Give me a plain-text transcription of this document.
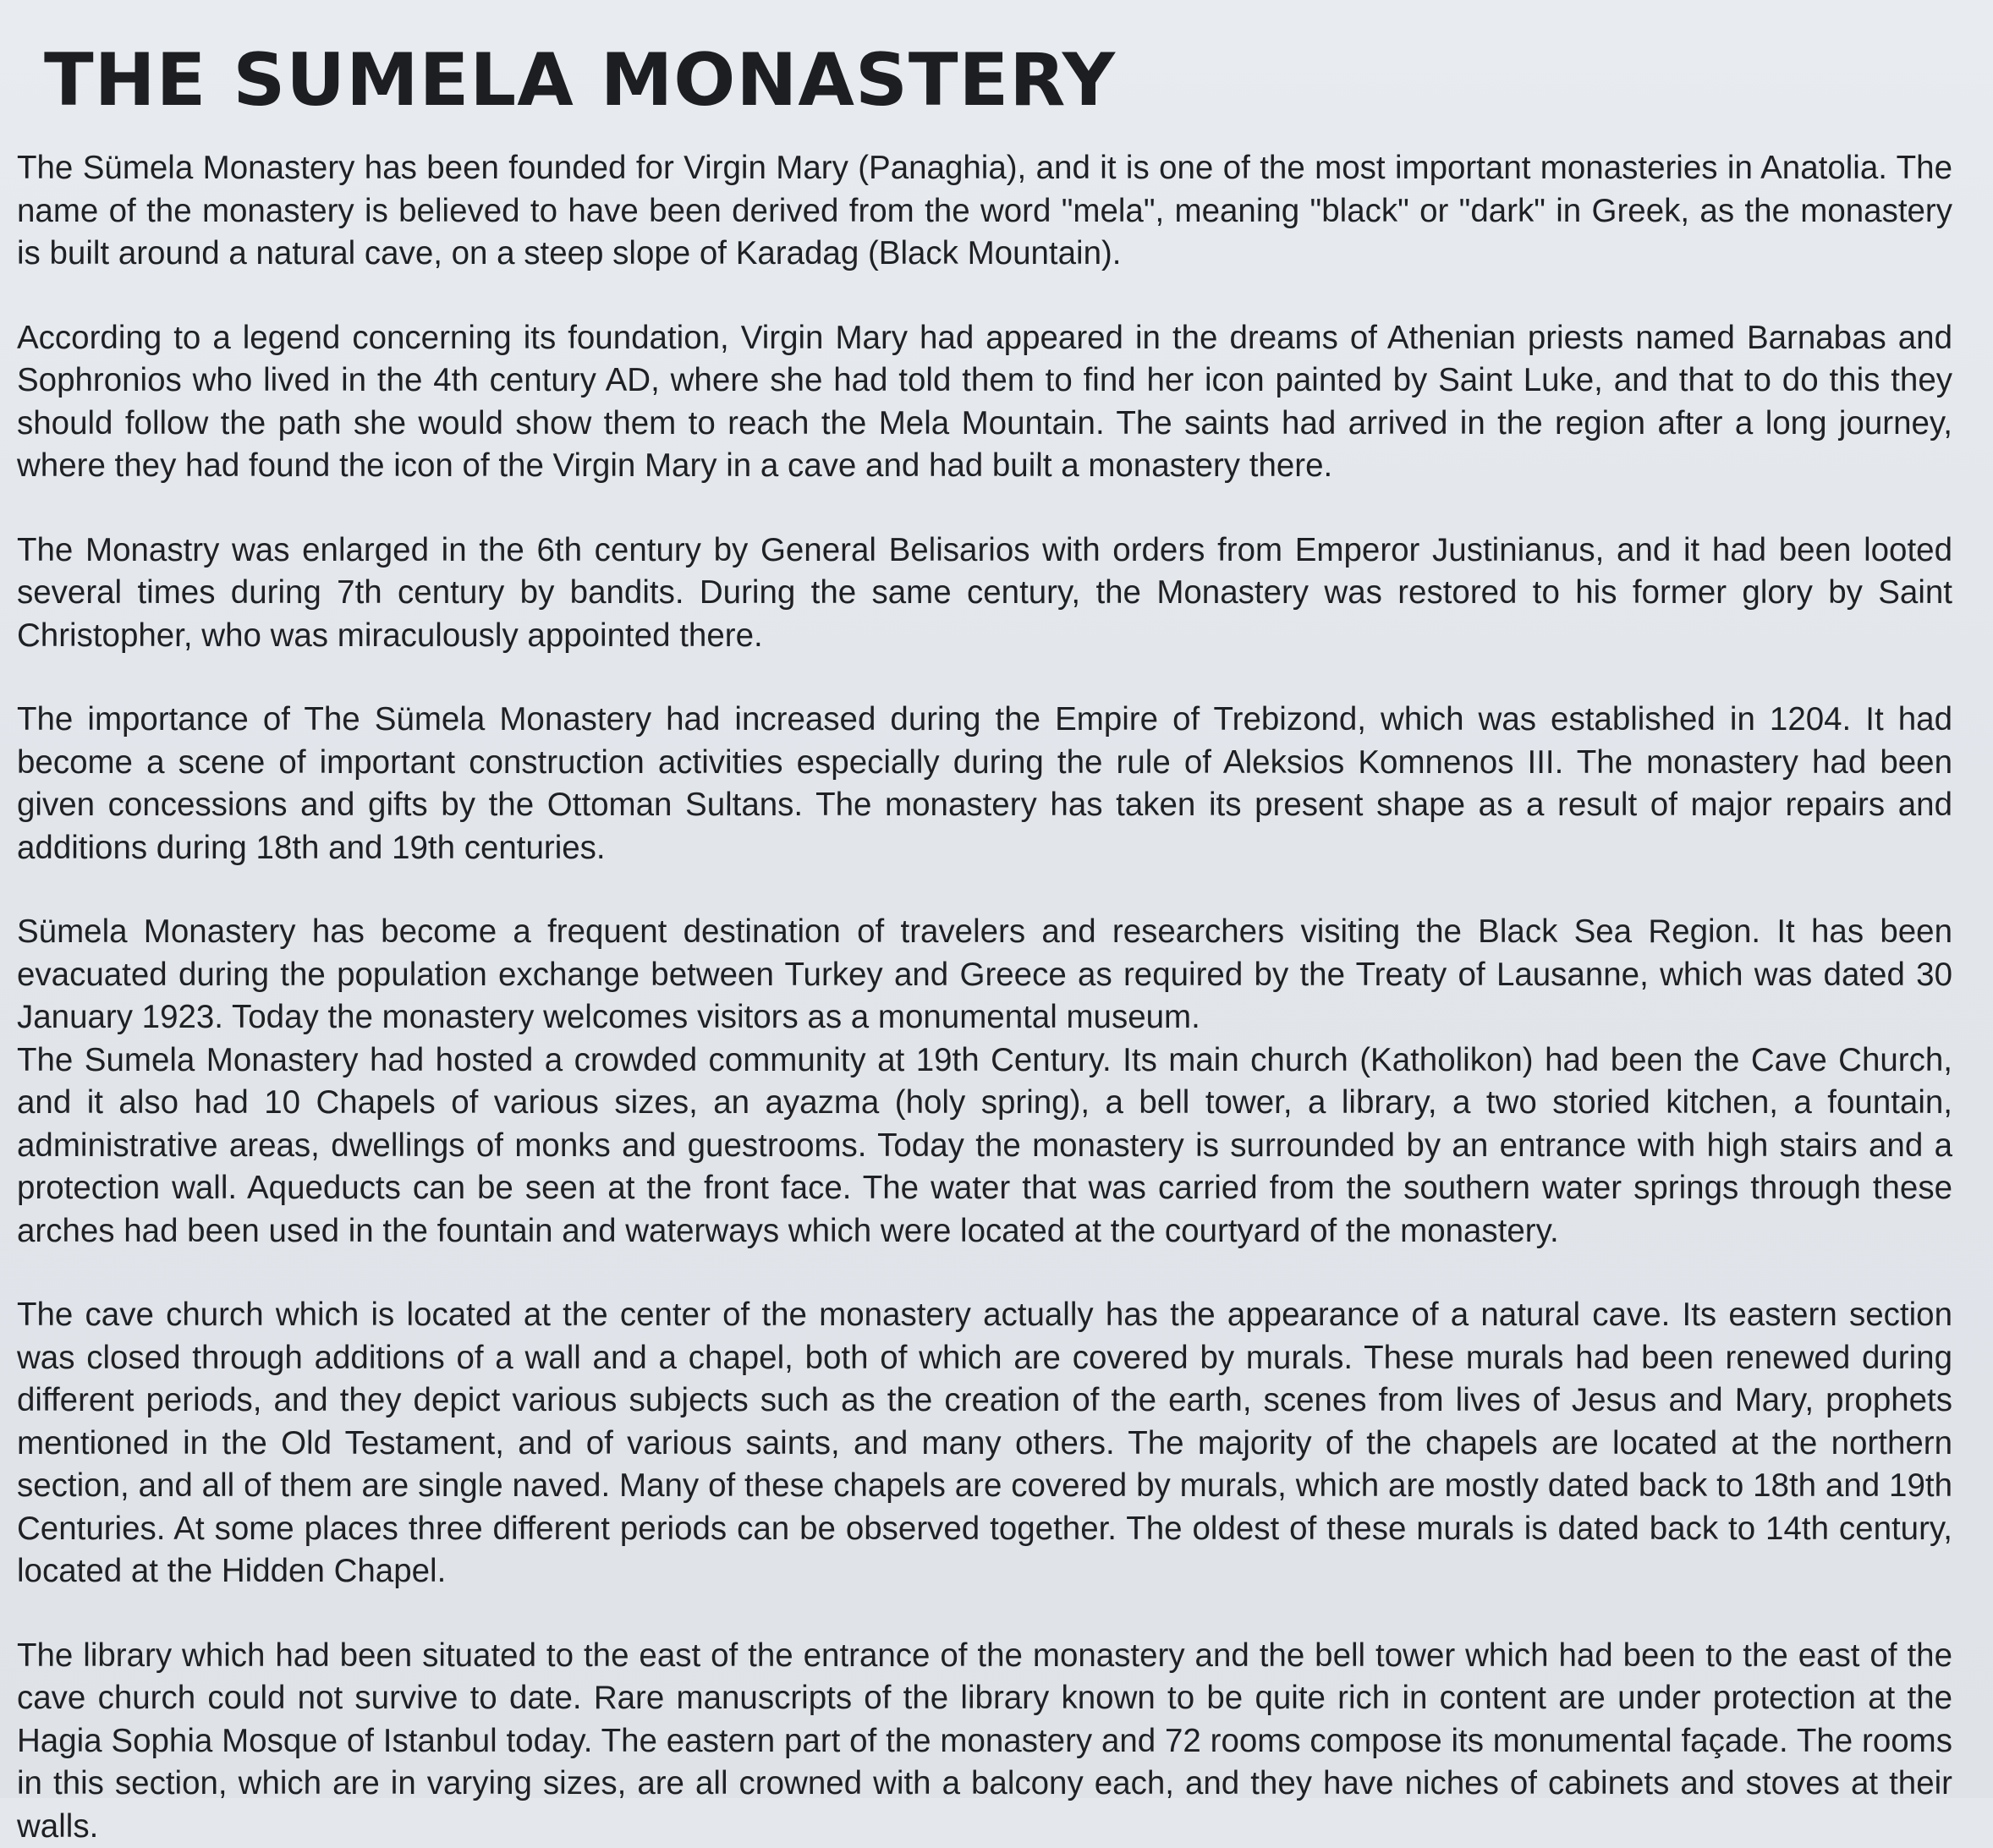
THE SUMELA MONASTERY

The Sümela Monastery has been founded for Virgin Mary (Panaghia), and it is one of the most important monasteries in Anatolia. The name of the monastery is believed to have been derived from the word "mela", meaning "black" or "dark" in Greek, as the monastery is built around a natural cave, on a steep slope of Karadag (Black Mountain).

According to a legend concerning its foundation, Virgin Mary had appeared in the dreams of Athenian priests named Barnabas and Sophronios who lived in the 4th century AD, where she had told them to find her icon painted by Saint Luke, and that to do this they should follow the path she would show them to reach the Mela Mountain. The saints had arrived in the region after a long journey, where they had found the icon of the Virgin Mary in a cave and had built a monastery there.

The Monastry was enlarged in the 6th century by General Belisarios with orders from Emperor Justinianus, and it had been looted several times during 7th century by bandits. During the same century, the Monastery was restored to his former glory by Saint Christopher, who was miraculously appointed there.

The importance of The Sümela Monastery had increased during the Empire of Trebizond, which was established in 1204. It had become a scene of important construction activities especially during the rule of Aleksios Komnenos III. The monastery had been given concessions and gifts by the Ottoman Sultans. The monastery has taken its present shape as a result of major repairs and additions during 18th and 19th centuries.

Sümela Monastery has become a frequent destination of travelers and researchers visiting the Black Sea Region. It has been evacuated during the population exchange between Turkey and Greece as required by the Treaty of Lausanne, which was dated 30 January 1923. Today the monastery welcomes visitors as a monumental museum.

The Sumela Monastery had hosted a crowded community at 19th Century. Its main church (Katholikon) had been the Cave Church, and it also had 10 Chapels of various sizes, an ayazma (holy spring), a bell tower, a library, a two storied kitchen, a fountain, administrative areas, dwellings of monks and guestrooms. Today the monastery is surrounded by an entrance with high stairs and a protection wall. Aqueducts can be seen at the front face. The water that was carried from the southern water springs through these arches had been used in the fountain and waterways which were located at the courtyard of the monastery.

The cave church which is located at the center of the monastery actually has the appearance of a natural cave. Its eastern section was closed through additions of a wall and a chapel, both of which are covered by murals. These murals had been renewed during different periods, and they depict various subjects such as the creation of the earth, scenes from lives of Jesus and Mary, prophets mentioned in the Old Testament, and of various saints, and many others. The majority of the chapels are located at the northern section, and all of them are single naved. Many of these chapels are covered by murals, which are mostly dated back to 18th and 19th Centuries. At some places three different periods can be observed together. The oldest of these murals is dated back to 14th century, located at the Hidden Chapel.

The library which had been situated to the east of the entrance of the monastery and the bell tower which had been to the east of the cave church could not survive to date. Rare manuscripts of the library known to be quite rich in content are under protection at the Hagia Sophia Mosque of Istanbul today. The eastern part of the monastery and 72 rooms compose its monumental façade. The rooms in this section, which are in varying sizes, are all crowned with a balcony each, and they have niches of cabinets and stoves at their walls.
